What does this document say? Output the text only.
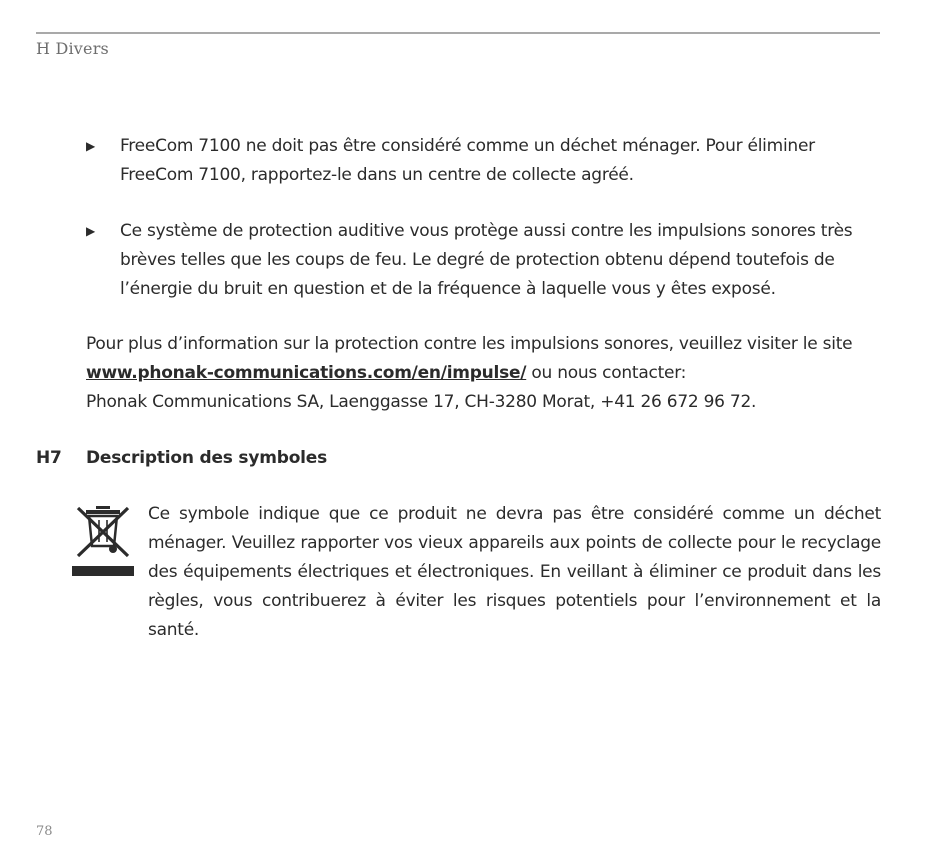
H Divers
▶ FreeCom 7100 ne doit pas être considéré comme un déchet ménager. Pour éliminer FreeCom 7100, rapportez-le dans un centre de collecte agréé.
▶ Ce système de protection auditive vous protège aussi contre les impulsions sonores très brèves telles que les coups de feu. Le degré de protection obtenu dépend toutefois de l’énergie du bruit en question et de la fréquence à laquelle vous y êtes exposé.
Pour plus d’information sur la protection contre les impulsions sonores, veuillez visiter le site
www.phonak-communications.com/en/impulse/ ou nous contacter:
Phonak Communications SA, Laenggasse 17, CH-3280 Morat, +41 26 672 96 72.
H7 Description des symboles
Ce symbole indique que ce produit ne devra pas être considéré comme un déchet ménager. Veuillez rapporter vos vieux appareils aux points de collecte pour le recyclage des équipements électriques et électroniques. En veillant à éliminer ce produit dans les règles, vous contribuerez à éviter les risques potentiels pour l’environnement et la santé.
78
